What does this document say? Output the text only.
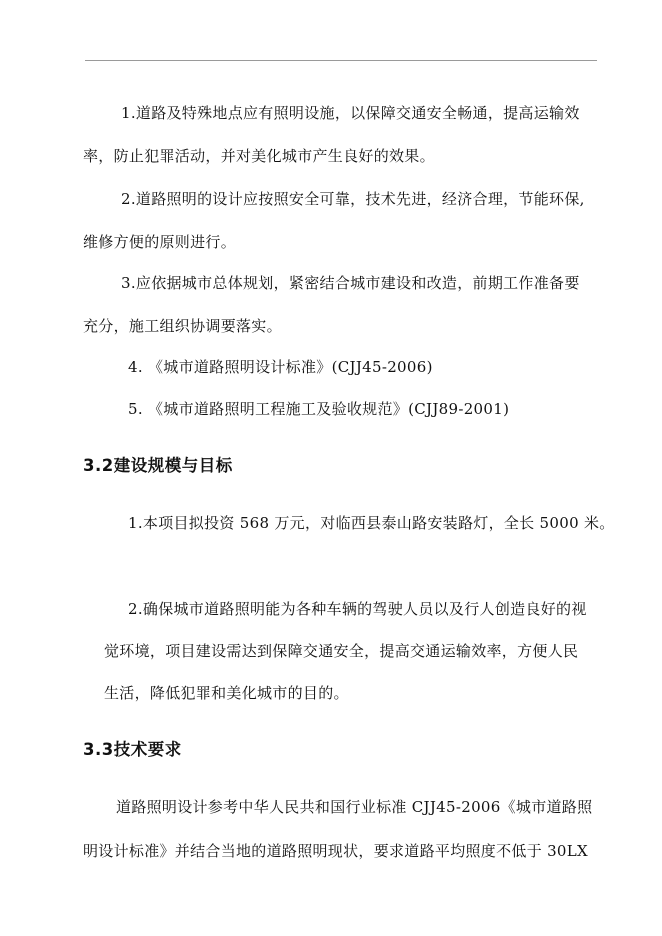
1.道路及特殊地点应有照明设施，以保障交通安全畅通，提高运输效
率，防止犯罪活动，并对美化城市产生良好的效果。
2.道路照明的设计应按照安全可靠，技术先进，经济合理，节能环保,
维修方便的原则进行。
3.应依据城市总体规划，紧密结合城市建设和改造，前期工作准备要
充分，施工组织协调要落实。
4. 《城市道路照明设计标准》(CJJ45-2006)
5. 《城市道路照明工程施工及验收规范》(CJJ89-2001)
3.2建设规模与目标
1.本项目拟投资 568 万元，对临西县泰山路安装路灯，全长 5000 米。
2.确保城市道路照明能为各种车辆的驾驶人员以及行人创造良好的视
觉环境，项目建设需达到保障交通安全，提高交通运输效率，方便人民
生活，降低犯罪和美化城市的目的。
3.3技术要求
道路照明设计参考中华人民共和国行业标准 CJJ45-2006《城市道路照
明设计标准》并结合当地的道路照明现状，要求道路平均照度不低于 30LX
